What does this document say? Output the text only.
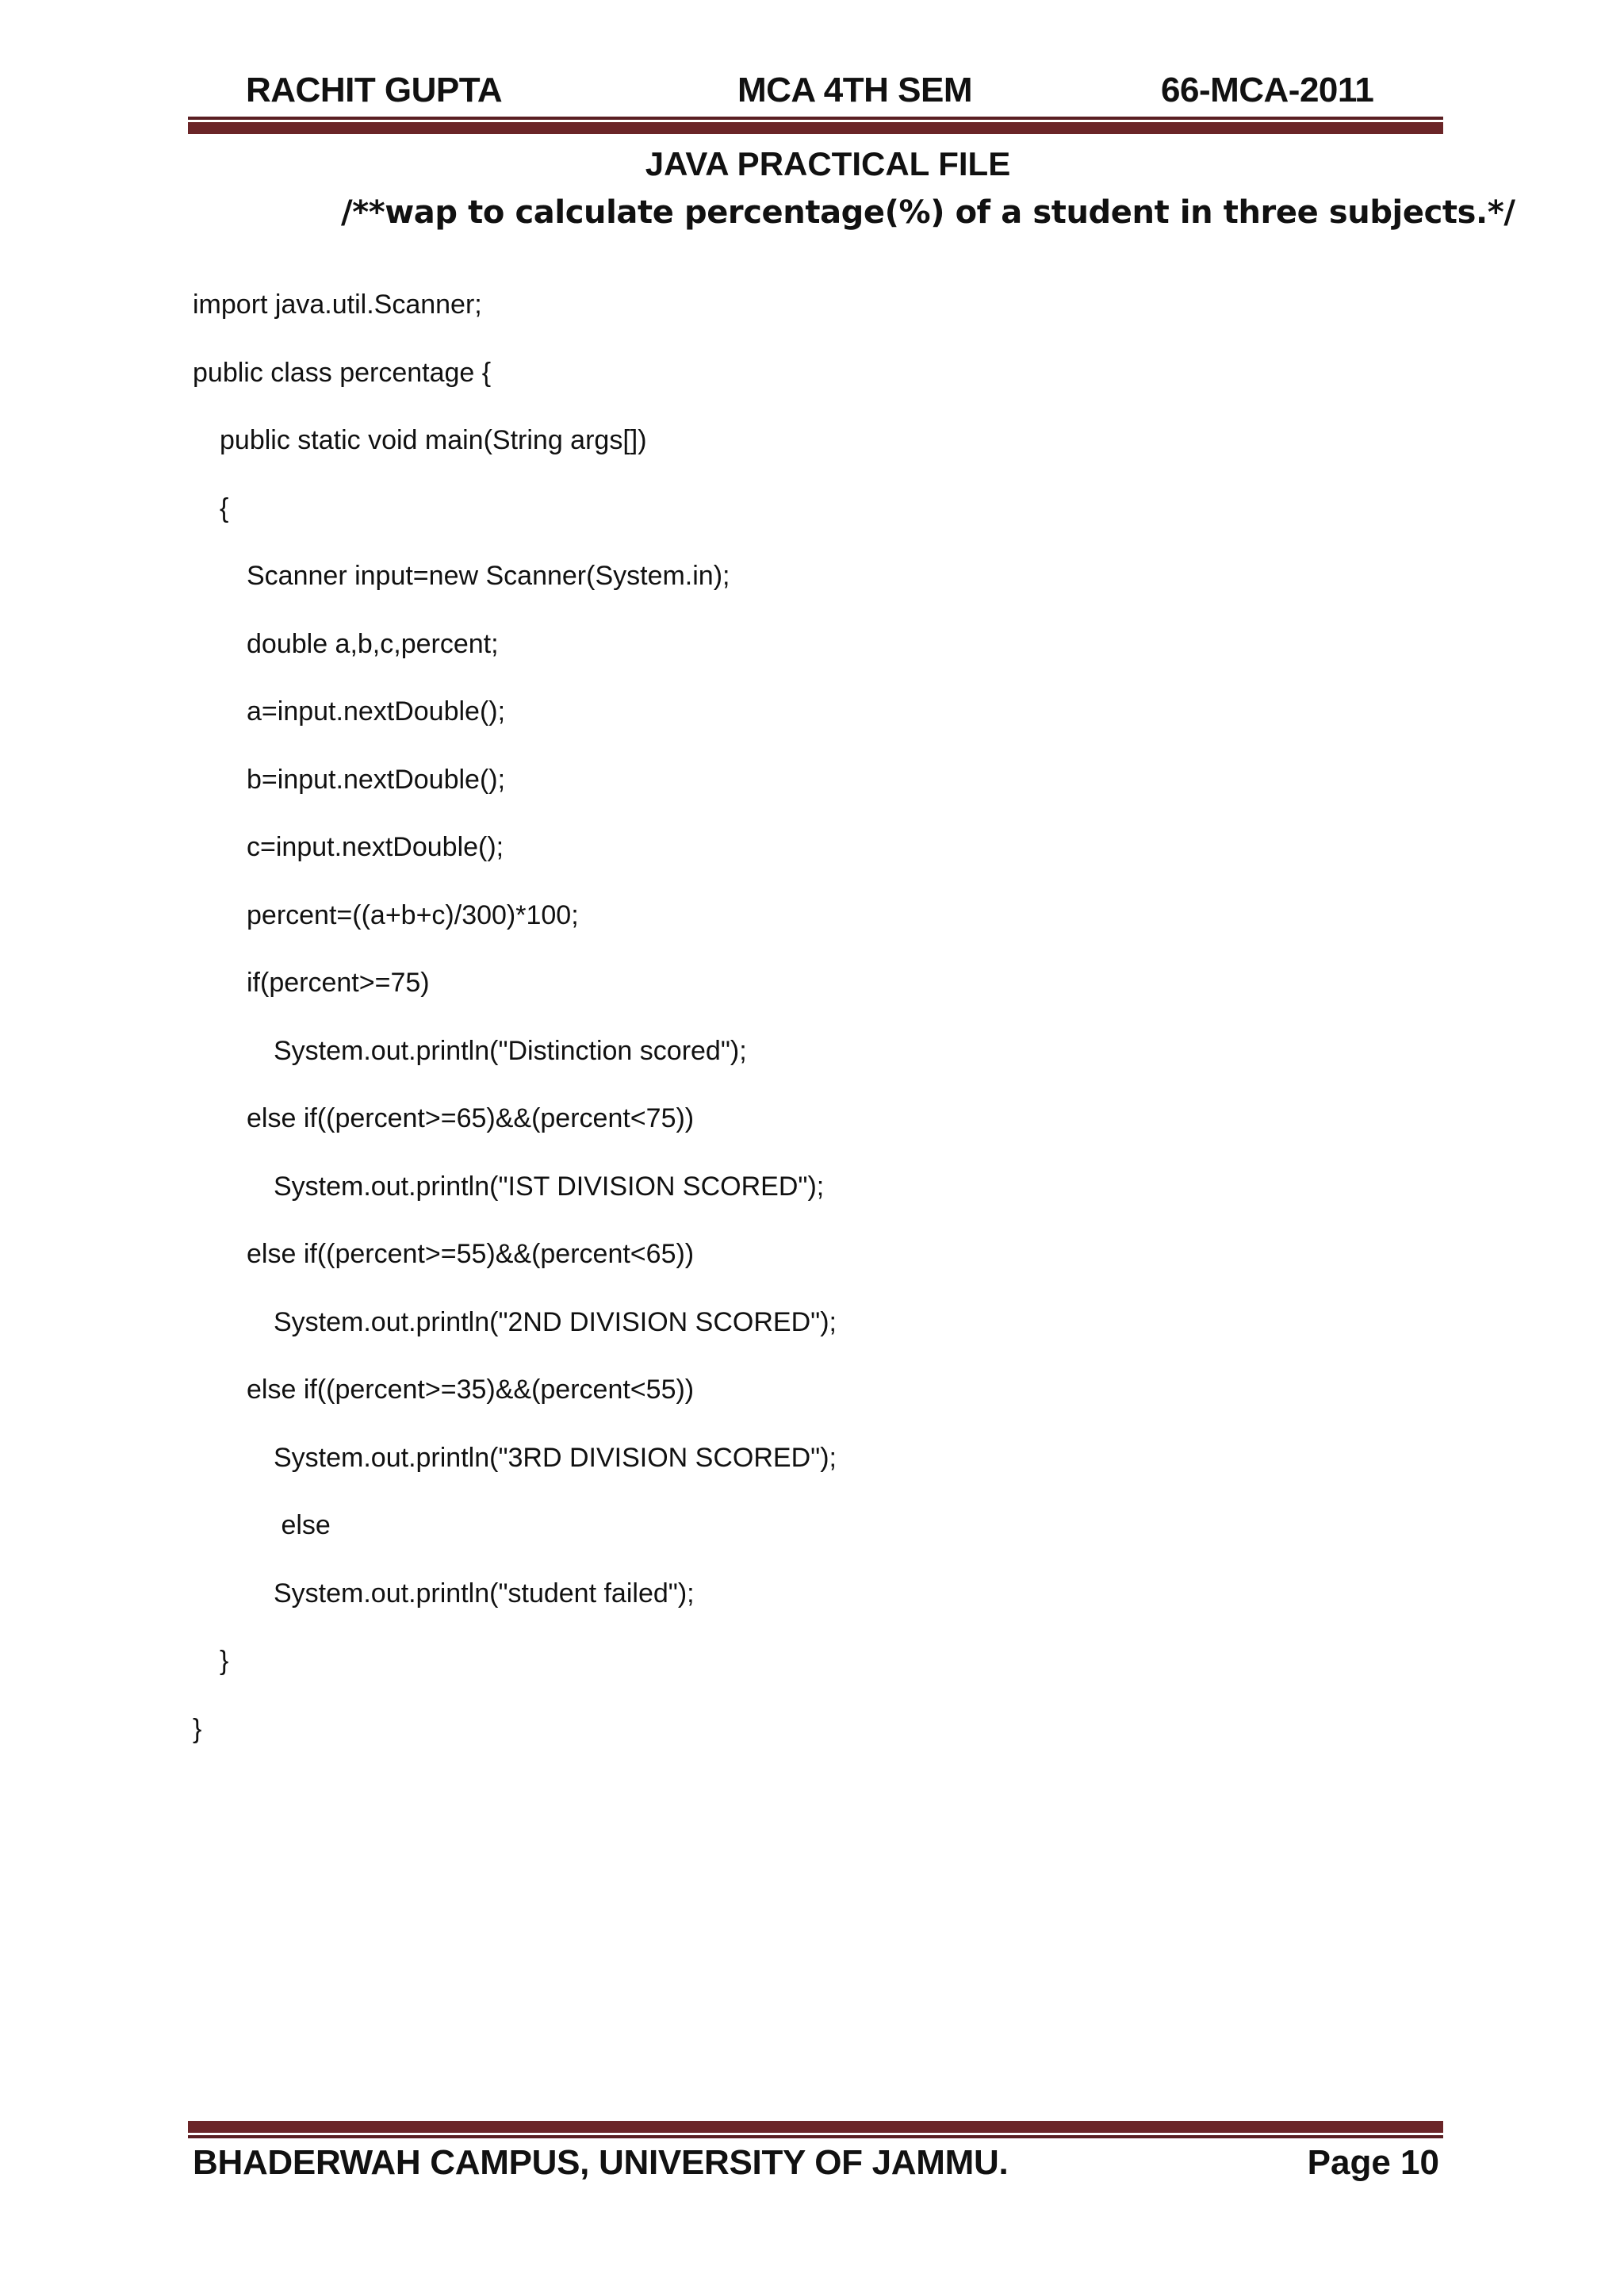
RACHIT GUPTA	MCA 4TH SEM	66-MCA-2011
JAVA PRACTICAL FILE
/**wap to calculate percentage(%) of a student in three subjects.*/
import java.util.Scanner;
public class percentage {
public static void main(String args[])
{
Scanner input=new Scanner(System.in);
double a,b,c,percent;
a=input.nextDouble();
b=input.nextDouble();
c=input.nextDouble();
percent=((a+b+c)/300)*100;
if(percent>=75)
System.out.println("Distinction scored");
else if((percent>=65)&&(percent<75))
System.out.println("IST DIVISION SCORED");
else if((percent>=55)&&(percent<65))
System.out.println("2ND DIVISION SCORED");
else if((percent>=35)&&(percent<55))
System.out.println("3RD DIVISION SCORED");
else
System.out.println("student failed");
}
}
BHADERWAH CAMPUS, UNIVERSITY OF JAMMU.	Page 10
